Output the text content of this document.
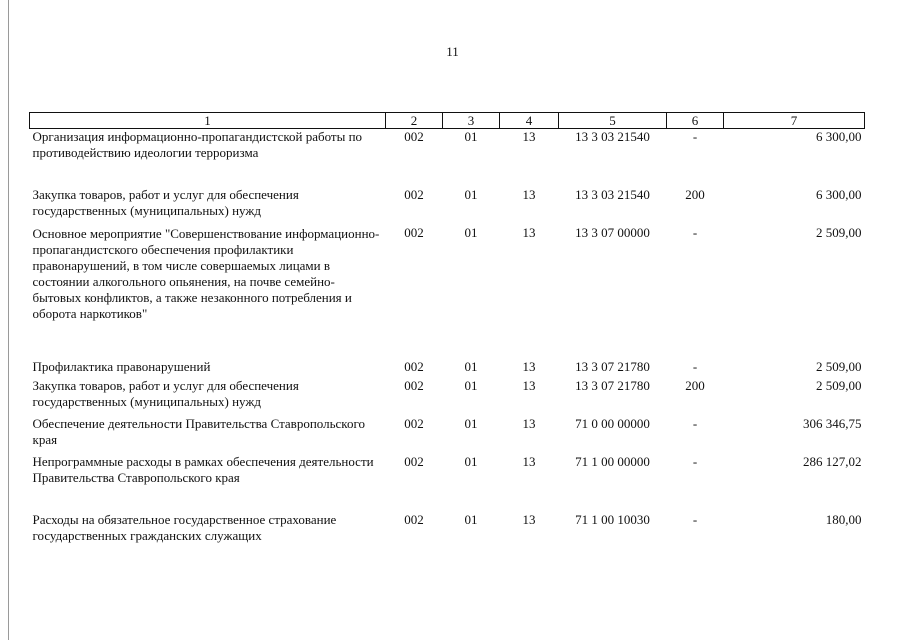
11
1	2	3	4	5	6	7
Организация информационно-пропагандистской работы по противодействию идеологии терроризма	002	01	13	13 3 03 21540	-	6 300,00
Закупка товаров, работ и услуг для обеспечения государственных (муниципальных) нужд	002	01	13	13 3 03 21540	200	6 300,00
Основное мероприятие "Совершенствование информационно-пропагандистского обеспечения профилактики правонарушений, в том числе совершаемых лицами в состоянии алкогольного опьянения, на почве семейно-бытовых конфликтов, а также незаконного потребления и оборота наркотиков"	002	01	13	13 3 07 00000	-	2 509,00
Профилактика правонарушений	002	01	13	13 3 07 21780	-	2 509,00
Закупка товаров, работ и услуг для обеспечения государственных (муниципальных) нужд	002	01	13	13 3 07 21780	200	2 509,00
Обеспечение деятельности Правительства Ставропольского края	002	01	13	71 0 00 00000	-	306 346,75
Непрограммные расходы в рамках обеспечения деятельности Правительства Ставропольского края	002	01	13	71 1 00 00000	-	286 127,02
Расходы на обязательное государственное страхование государственных гражданских служащих	002	01	13	71 1 00 10030	-	180,00
